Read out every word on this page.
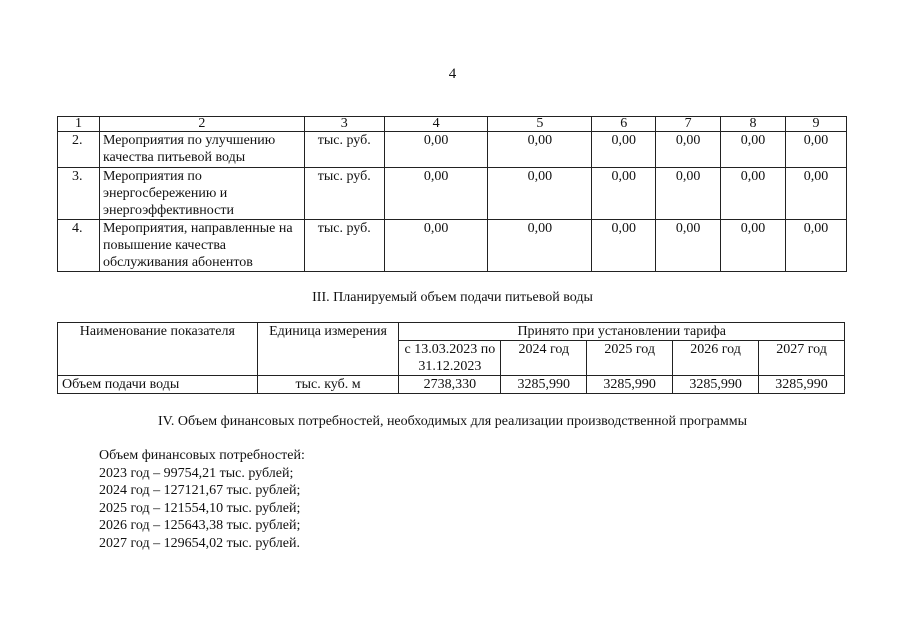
4
1	2	3	4	5	6	7	8	9
2.	Мероприятия по улучшению качества питьевой воды	тыс. руб.	0,00	0,00	0,00	0,00	0,00	0,00
3.	Мероприятия по энергосбережению и энергоэффективности	тыс. руб.	0,00	0,00	0,00	0,00	0,00	0,00
4.	Мероприятия, направленные на повышение качества обслуживания абонентов	тыс. руб.	0,00	0,00	0,00	0,00	0,00	0,00
III. Планируемый объем подачи питьевой воды
Наименование показателя	Единица измерения	Принято при установлении тарифа				
		с 13.03.2023 по 31.12.2023	2024 год	2025 год	2026 год	2027 год
Объем подачи воды	тыс. куб. м	2738,330	3285,990	3285,990	3285,990	3285,990
IV. Объем финансовых потребностей, необходимых для реализации производственной программы
Объем финансовых потребностей:
2023 год – 99754,21 тыс. рублей;
2024 год – 127121,67 тыс. рублей;
2025 год – 121554,10 тыс. рублей;
2026 год – 125643,38 тыс. рублей;
2027 год – 129654,02 тыс. рублей.
